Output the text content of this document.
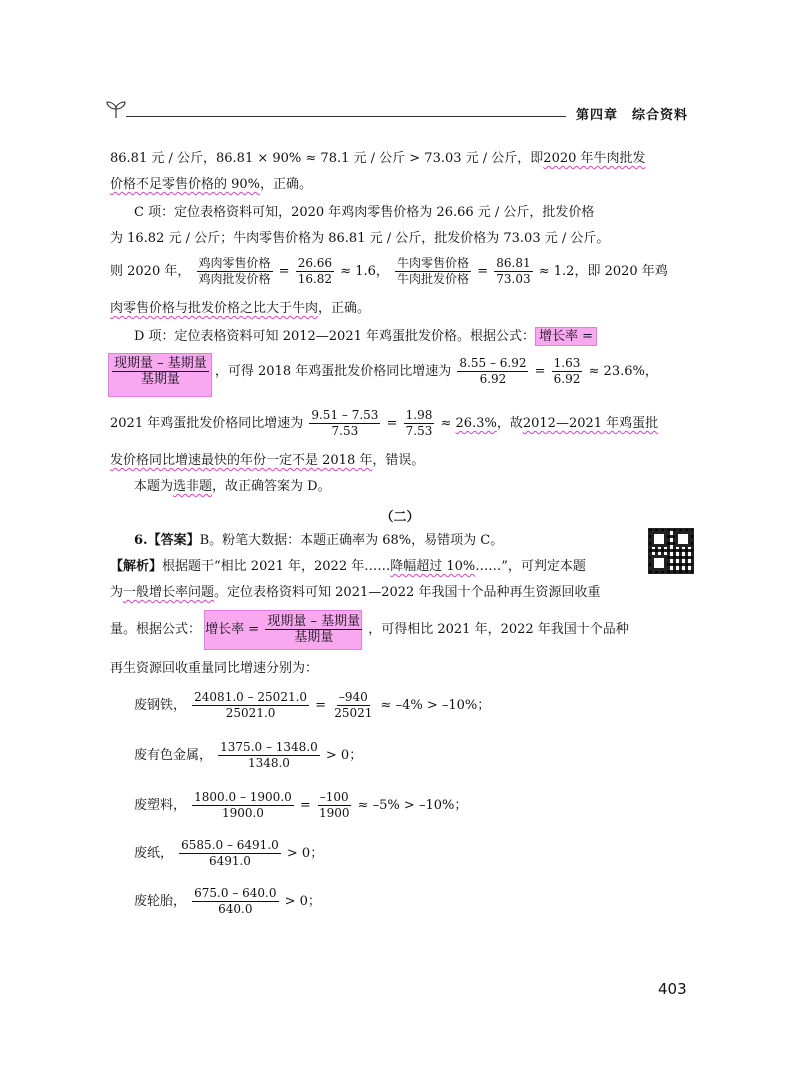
第四章 综合资料
86.81 元 / 公斤，86.81 × 90% ≈ 78.1 元 / 公斤 > 73.03 元 / 公斤，即2020 年牛肉批发
价格不足零售价格的 90%，正确。
C 项：定位表格资料可知，2020 年鸡肉零售价格为 26.66 元 / 公斤，批发价格
为 16.82 元 / 公斤；牛肉零售价格为 86.81 元 / 公斤，批发价格为 73.03 元 / 公斤。
则 2020 年， $\frac{\text{鸡肉零售价格}}{\text{鸡肉批发价格}} = \frac{26.66}{16.82} \approx 1.6$， $\frac{\text{牛肉零售价格}}{\text{牛肉批发价格}} = \frac{86.81}{73.03} \approx 1.2$，即 2020 年鸡
肉零售价格与批发价格之比大于牛肉，正确。
D 项：定位表格资料可知 2012—2021 年鸡蛋批发价格。根据公式： 增长率 =
$\frac{\text{现期量 – 基期量}}{\text{基期量}}$ ，可得 2018 年鸡蛋批发价格同比增速为 $\frac{8.55 - 6.92}{6.92} = \frac{1.63}{6.92} \approx 23.6\%$，
2021 年鸡蛋批发价格同比增速为 $\frac{9.51 - 7.53}{7.53} = \frac{1.98}{7.53} \approx 26.3\%$，故2012—2021 年鸡蛋批
发价格同比增速最快的年份一定不是 2018 年，错误。
本题为选非题，故正确答案为 D。
（二）
6.【答案】B。粉笔大数据：本题正确率为 68%，易错项为 C。
【解析】根据题干“相比 2021 年，2022 年……降幅超过 10%……”，可判定本题
为一般增长率问题。定位表格资料可知 2021—2022 年我国十个品种再生资源回收重
量。根据公式： 增长率 = $\frac{\text{现期量 – 基期量}}{\text{基期量}}$ ，可得相比 2021 年，2022 年我国十个品种
再生资源回收重量同比增速分别为：
废钢铁， $\frac{24081.0 - 25021.0}{25021.0} = \frac{-940}{25021} \approx -4\% > -10\%$；
废有色金属， $\frac{1375.0 - 1348.0}{1348.0} > 0$；
废塑料， $\frac{1800.0 - 1900.0}{1900.0} = \frac{-100}{1900} \approx -5\% > -10\%$；
废纸， $\frac{6585.0 - 6491.0}{6491.0} > 0$；
废轮胎， $\frac{675.0 - 640.0}{640.0} > 0$；
403
